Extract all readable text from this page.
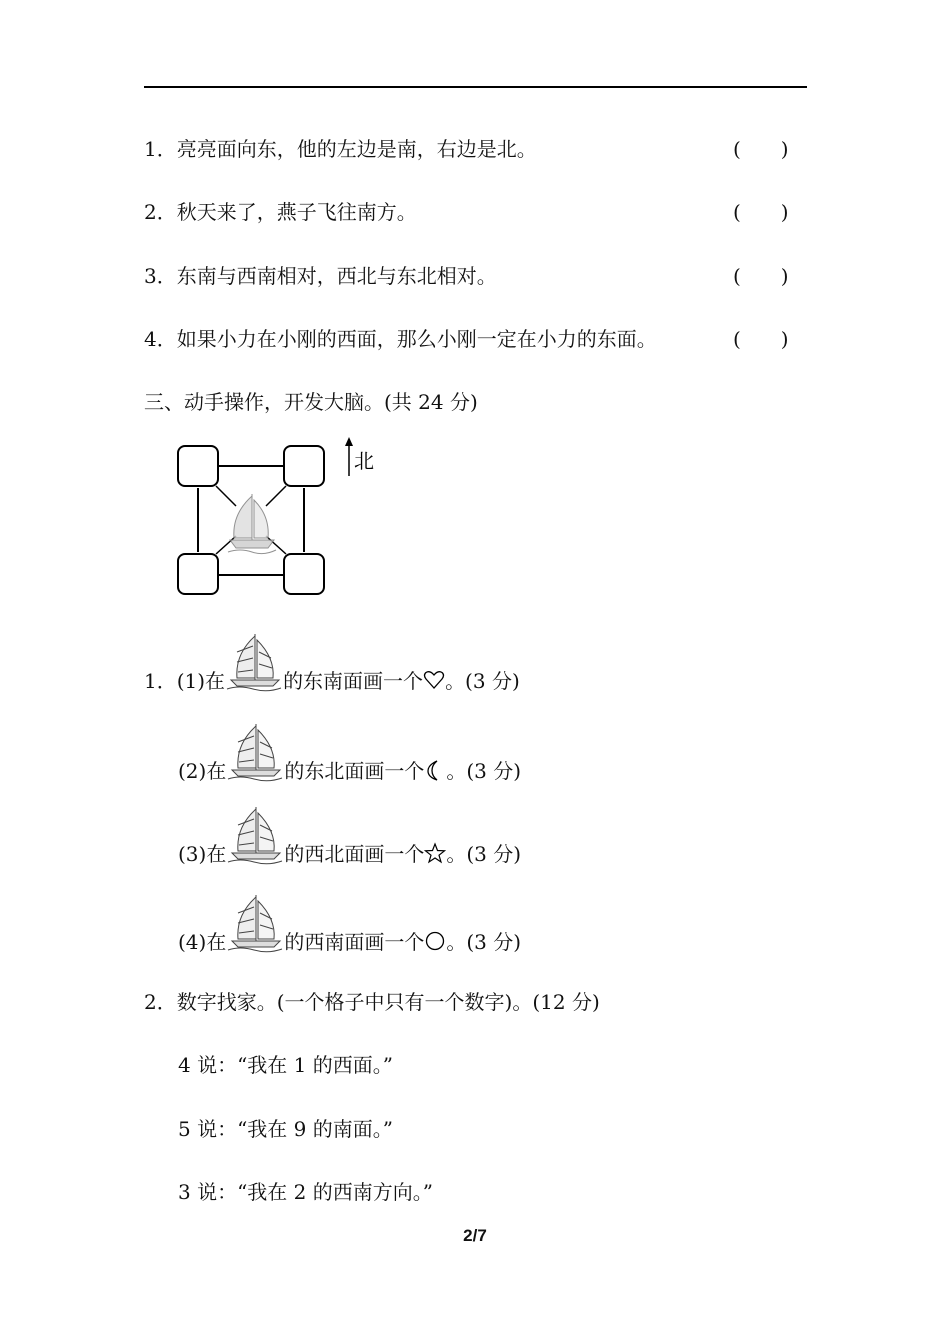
1．亮亮面向东，他的左边是南，右边是北。	(　　)
2．秋天来了，燕子飞往南方。	(　　)
3．东南与西南相对，西北与东北相对。	(　　)
4．如果小力在小刚的西面，那么小刚一定在小力的东面。	(　　)
三、动手操作，开发大脑。(共 24 分)
北
1．(1)在	的东南面画一个 。(3 分)
(2)在	的东北面画一个 。(3 分)
(3)在	的西北面画一个 。(3 分)
(4)在	的西南面画一个 。(3 分)
2．数字找家。(一个格子中只有一个数字)。(12 分)
4 说：“我在 1 的西面。”
5 说：“我在 9 的南面。”
3 说：“我在 2 的西南方向。”
2/7
